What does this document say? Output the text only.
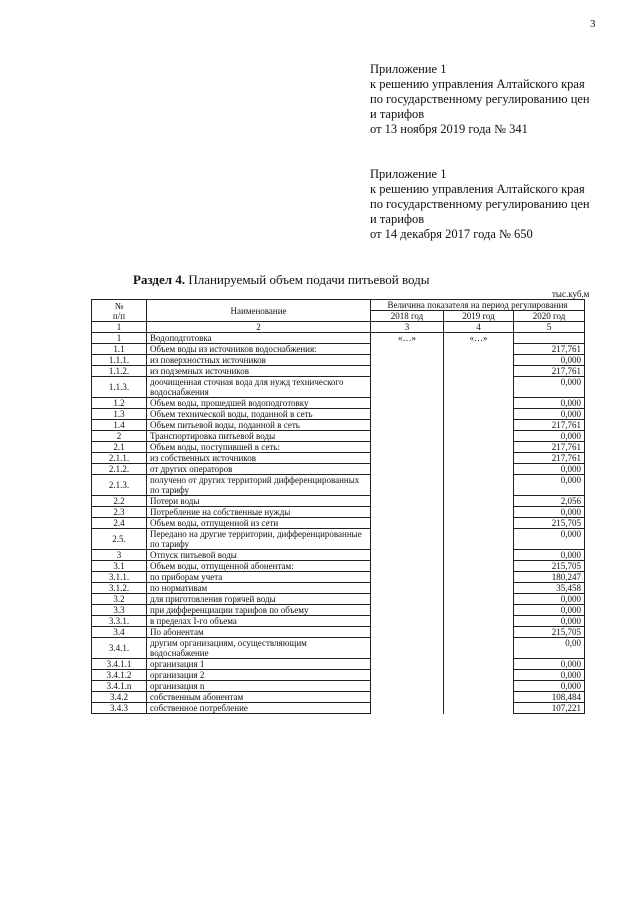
3
Приложение 1
к решению управления Алтайского края
по государственному регулированию цен
и тарифов
от 13 ноября 2019 года № 341
Приложение 1
к решению управления Алтайского края
по государственному регулированию цен
и тарифов
от 14 декабря 2017 года № 650
Раздел 4. Планируемый объем подачи питьевой воды
тыс.куб.м
№
п/п	Наименование	Величина показателя на период регулирования		
		2018 год	2019 год	2020 год
1	2	3	4	5
1	Водоподготовка	«…»	«…»	
1.1	Объем воды из источников водоснабжения:			217,761
1.1.1.	из поверхностных источников			0,000
1.1.2.	из подземных источников			217,761
1.1.3.	доочищенная сточная вода для нужд технического водоснабжения			0,000
1.2	Объем воды, прошедшей водоподготовку			0,000
1.3	Объем технической воды, поданной в сеть			0,000
1.4	Объем питьевой воды, поданной в сеть			217,761
2	Транспортировка питьевой воды			0,000
2.1	Объем воды, поступившей в сеть:			217,761
2.1.1.	из собственных источников			217,761
2.1.2.	от других операторов			0,000
2.1.3.	получено от других территорий дифференцированных по тарифу			0,000
2.2	Потери воды			2,056
2.3	Потребление на собственные нужды			0,000
2.4	Объем воды, отпущенной из сети			215,705
2.5.	Передано на другие территории, дифференцированные по тарифу			0,000
3	Отпуск питьевой воды			0,000
3.1	Объем воды, отпущенной абонентам:			215,705
3.1.1.	по приборам учета			180,247
3.1.2.	по нормативам			35,458
3.2	для приготовления горячей воды			0,000
3.3	при дифференциации тарифов по объему			0,000
3.3.1.	в пределах I-го объема			0,000
3.4	По абонентам			215,705
3.4.1.	другим организациям, осуществляющим водоснабжение			0,00
3.4.1.1	организация 1			0,000
3.4.1.2	организация 2			0,000
3.4.1.n	организация n			0,000
3.4.2	собственным абонентам			108,484
3.4.3	собственное потребление			107,221
